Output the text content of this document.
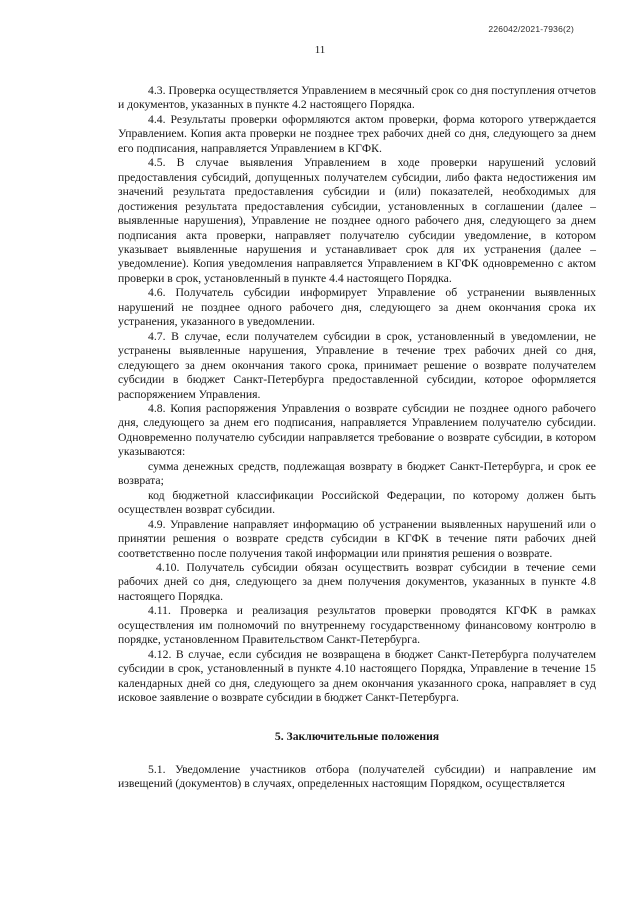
226042/2021-7936(2)
11

4.3. Проверка осуществляется Управлением в месячный срок со дня поступления отчетов и документов, указанных в пункте 4.2 настоящего Порядка.

4.4. Результаты проверки оформляются актом проверки, форма которого утверждается Управлением. Копия акта проверки не позднее трех рабочих дней со дня, следующего за днем его подписания, направляется Управлением в КГФК.

4.5. В случае выявления Управлением в ходе проверки нарушений условий предоставления субсидий, допущенных получателем субсидии, либо факта недостижения им значений результата предоставления субсидии и (или) показателей, необходимых для достижения результата предоставления субсидии, установленных в соглашении (далее – выявленные нарушения), Управление не позднее одного рабочего дня, следующего за днем подписания акта проверки, направляет получателю субсидии уведомление, в котором указывает выявленные нарушения и устанавливает срок для их устранения (далее – уведомление). Копия уведомления направляется Управлением в КГФК одновременно с актом проверки в срок, установленный в пункте 4.4 настоящего Порядка.

4.6. Получатель субсидии информирует Управление об устранении выявленных нарушений не позднее одного рабочего дня, следующего за днем окончания срока их устранения, указанного в уведомлении.

4.7. В случае, если получателем субсидии в срок, установленный в уведомлении, не устранены выявленные нарушения, Управление в течение трех рабочих дней со дня, следующего за днем окончания такого срока, принимает решение о возврате получателем субсидии в бюджет Санкт-Петербурга предоставленной субсидии, которое оформляется распоряжением Управления.

4.8. Копия распоряжения Управления о возврате субсидии не позднее одного рабочего дня, следующего за днем его подписания, направляется Управлением получателю субсидии. Одновременно получателю субсидии направляется требование о возврате субсидии, в котором указываются:

сумма денежных средств, подлежащая возврату в бюджет Санкт-Петербурга, и срок ее возврата;

код бюджетной классификации Российской Федерации, по которому должен быть осуществлен возврат субсидии.

4.9. Управление направляет информацию об устранении выявленных нарушений или о принятии решения о возврате средств субсидии в КГФК в течение пяти рабочих дней соответственно после получения такой информации или принятия решения о возврате.

4.10. Получатель субсидии обязан осуществить возврат субсидии в течение семи рабочих дней со дня, следующего за днем получения документов, указанных в пункте 4.8 настоящего Порядка.

4.11. Проверка и реализация результатов проверки проводятся КГФК в рамках осуществления им полномочий по внутреннему государственному финансовому контролю в порядке, установленном Правительством Санкт-Петербурга.

4.12. В случае, если субсидия не возвращена в бюджет Санкт-Петербурга получателем субсидии в срок, установленный в пункте 4.10 настоящего Порядка, Управление в течение 15 календарных дней со дня, следующего за днем окончания указанного срока, направляет в суд исковое заявление о возврате субсидии в бюджет Санкт-Петербурга.

5. Заключительные положения

5.1. Уведомление участников отбора (получателей субсидии) и направление им извещений (документов) в случаях, определенных настоящим Порядком, осуществляется
